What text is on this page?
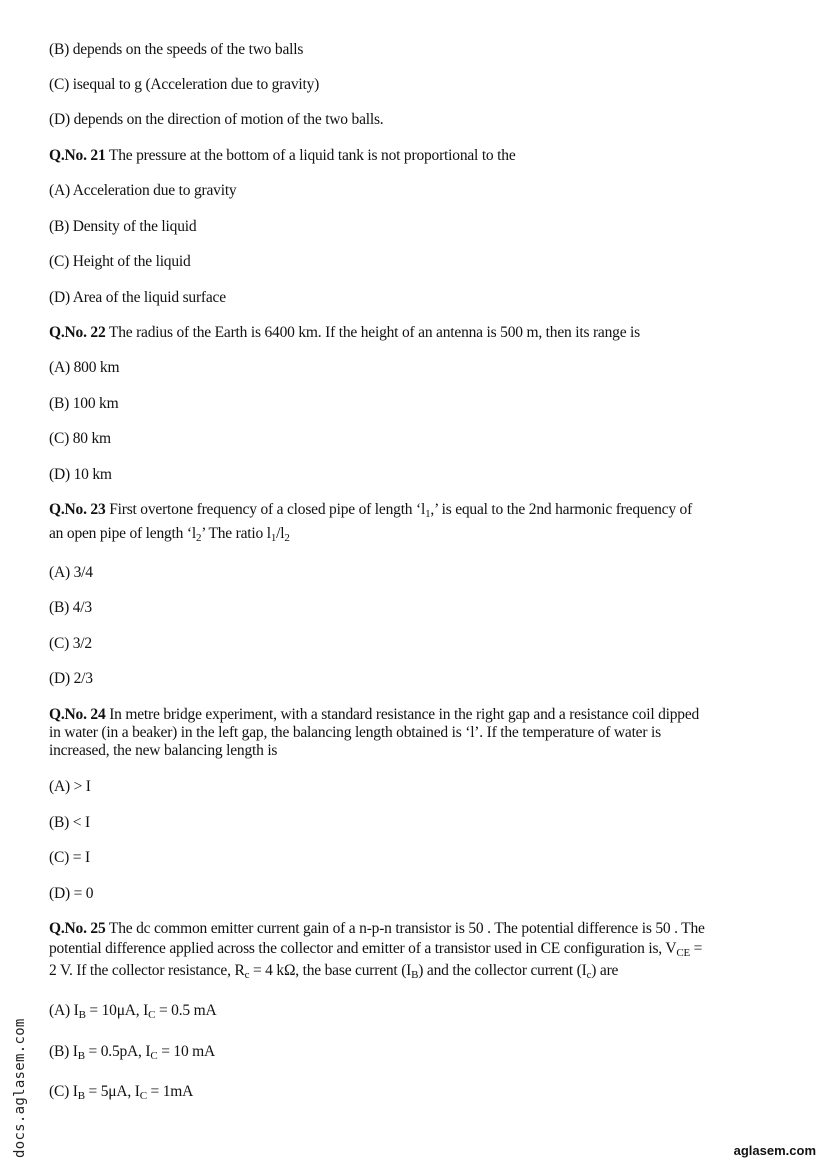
(B) depends on the speeds of the two balls
(C) isequal to g (Acceleration due to gravity)
(D) depends on the direction of motion of the two balls.
Q.No. 21 The pressure at the bottom of a liquid tank is not proportional to the
(A) Acceleration due to gravity
(B) Density of the liquid
(C) Height of the liquid
(D) Area of the liquid surface
Q.No. 22 The radius of the Earth is 6400 km. If the height of an antenna is 500 m, then its range is
(A) 800 km
(B) 100 km
(C) 80 km
(D) 10 km
Q.No. 23 First overtone frequency of a closed pipe of length ‘$l_1$,’ is equal to the 2nd harmonic frequency of
an open pipe of length ‘$l_2$’ The ratio $l_1/l_2$
(A) 3/4
(B) 4/3
(C) 3/2
(D) 2/3
Q.No. 24 In metre bridge experiment, with a standard resistance in the right gap and a resistance coil dipped
in water (in a beaker) in the left gap, the balancing length obtained is ‘l’. If the temperature of water is
increased, the new balancing length is
(A) > I
(B) < I
(C) = I
(D) = 0
Q.No. 25 The dc common emitter current gain of a n-p-n transistor is 50 . The potential difference is 50 . The
potential difference applied across the collector and emitter of a transistor used in CE configuration is, $V_{CE}$ =
2 V. If the collector resistance, $R_c = 4$ kΩ, the base current $(I_B)$ and the collector current $(I_c)$ are
(A) $I_B = 10\mu A$, $I_C = 0.5$ mA
(B) $I_B = 0.5pA$, $I_C = 10$ mA
(C) $I_B = 5\mu A$, $I_C = 1mA$
docs.aglasem.com	aglasem.com
